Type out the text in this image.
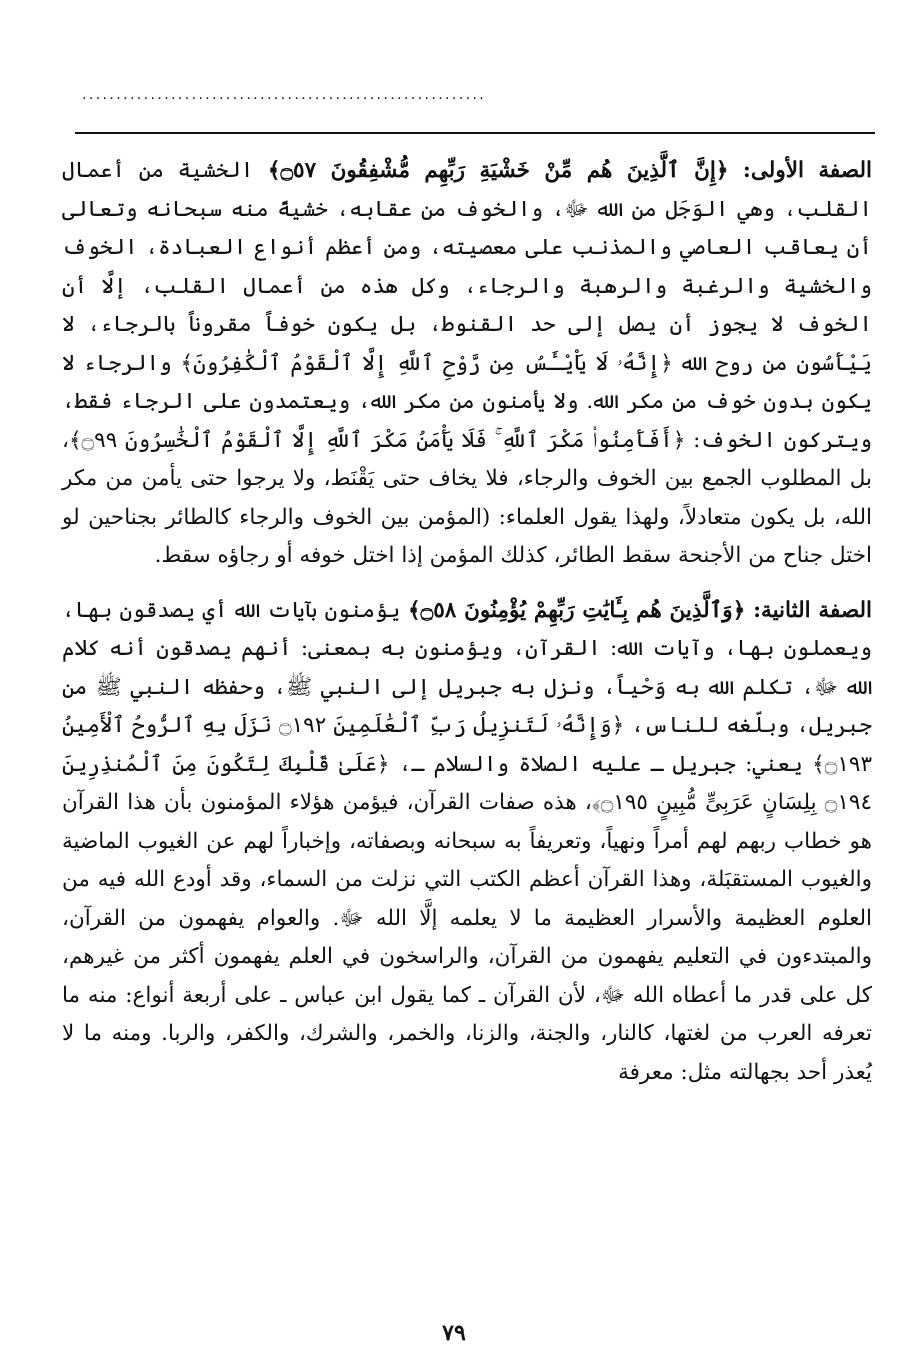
...........................................................

الصفة الأولى: ﴿إِنَّ ٱلَّذِينَ هُم مِّنْ خَشْيَةِ رَبِّهِم مُّشْفِقُونَ ۝٥٧﴾ الخشية من أعمال القلب، وهي الوَجَل من الله ﷻ، والخوف من عقابه، خشيةً منه سبحانه وتعالى أن يعاقب العاصي والمذنب على معصيته، ومن أعظم أنواع العبادة، الخوف والخشية والرغبة والرهبة والرجاء، وكل هذه من أعمال القلب، إلَّا أن الخوف لا يجوز أن يصل إلى حد القنوط، بل يكون خوفاً مقروناً بالرجاء، لا يَيْأَسُون من روح الله ﴿إِنَّهُۥ لَا يَاْيْـَٔسُ مِن رَّوْحِ ٱللَّهِ إِلَّا ٱلْقَوْمُ ٱلْكَٰفِرُونَ﴾ والرجاء لا يكون بدون خوف من مكر الله. ولا يأمنون من مكر الله، ويعتمدون على الرجاء فقط، ويتركون الخوف: ﴿أَفَأَمِنُوا۟ مَكْرَ ٱللَّهِ ۚ فَلَا يَأْمَنُ مَكْرَ ٱللَّهِ إِلَّا ٱلْقَوْمُ ٱلْخَٰسِرُونَ ۝٩٩﴾، بل المطلوب الجمع بين الخوف والرجاء، فلا يخاف حتى يَقْنَط، ولا يرجوا حتى يأمن من مكر الله، بل يكون متعادلاً، ولهذا يقول العلماء: (المؤمن بين الخوف والرجاء كالطائر بجناحين لو اختل جناح من الأجنحة سقط الطائر، كذلك المؤمن إذا اختل خوفه أو رجاؤه سقط.

الصفة الثانية: ﴿وَٱلَّذِينَ هُم بِـَٔايَٰتِ رَبِّهِمْ يُؤْمِنُونَ ۝٥٨﴾ يؤمنون بآيات الله أي يصدقون بها، ويعملون بها، وآيات الله: القرآن، ويؤمنون به بمعنى: أنهم يصدقون أنه كلام الله ﷻ، تكلم الله به وَحْياً، ونزل به جبريل إلى النبي ﷺ، وحفظه النبي ﷺ من جبريل، وبلّغه للناس، ﴿وَإِنَّهُۥ لَتَنزِيلُ رَبِّ ٱلْعَٰلَمِينَ ۝١٩٢ نَزَلَ بِهِ ٱلرُّوحُ ٱلْأَمِينُ ۝١٩٣﴾ يعني: جبريل ـ عليه الصلاة والسلام ـ، ﴿عَلَىٰ قَلْبِكَ لِتَكُونَ مِنَ ٱلْمُنذِرِينَ ۝١٩٤ بِلِسَانٍ عَرَبِىٍّ مُّبِينٍ ۝١٩٥﴾، هذه صفات القرآن، فيؤمن هؤلاء المؤمنون بأن هذا القرآن هو خطاب ربهم لهم أمراً ونهياً، وتعريفاً به سبحانه وبصفاته، وإخباراً لهم عن الغيوب الماضية والغيوب المستقبَلة، وهذا القرآن أعظم الكتب التي نزلت من السماء، وقد أودع الله فيه من العلوم العظيمة والأسرار العظيمة ما لا يعلمه إلَّا الله ﷻ. والعوام يفهمون من القرآن، والمبتدءون في التعليم يفهمون من القرآن، والراسخون في العلم يفهمون أكثر من غيرهم، كل على قدر ما أعطاه الله ﷻ، لأن القرآن ـ كما يقول ابن عباس ـ على أربعة أنواع: منه ما تعرفه العرب من لغتها، كالنار، والجنة، والزنا، والخمر، والشرك، والكفر، والربا. ومنه ما لا يُعذر أحد بجهالته مثل: معرفة

٧٩
